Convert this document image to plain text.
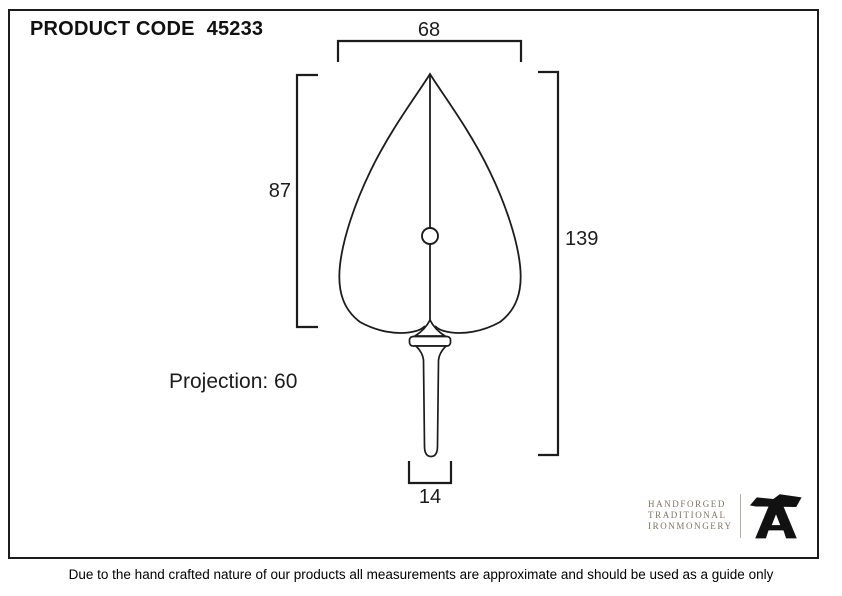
PRODUCT CODE 45233	68
87
139
14
Projection: 60
HANDFORGED
TRADITIONAL
IRONMONGERY
Due to the hand crafted nature of our products all measurements are approximate and should be used as a guide only
